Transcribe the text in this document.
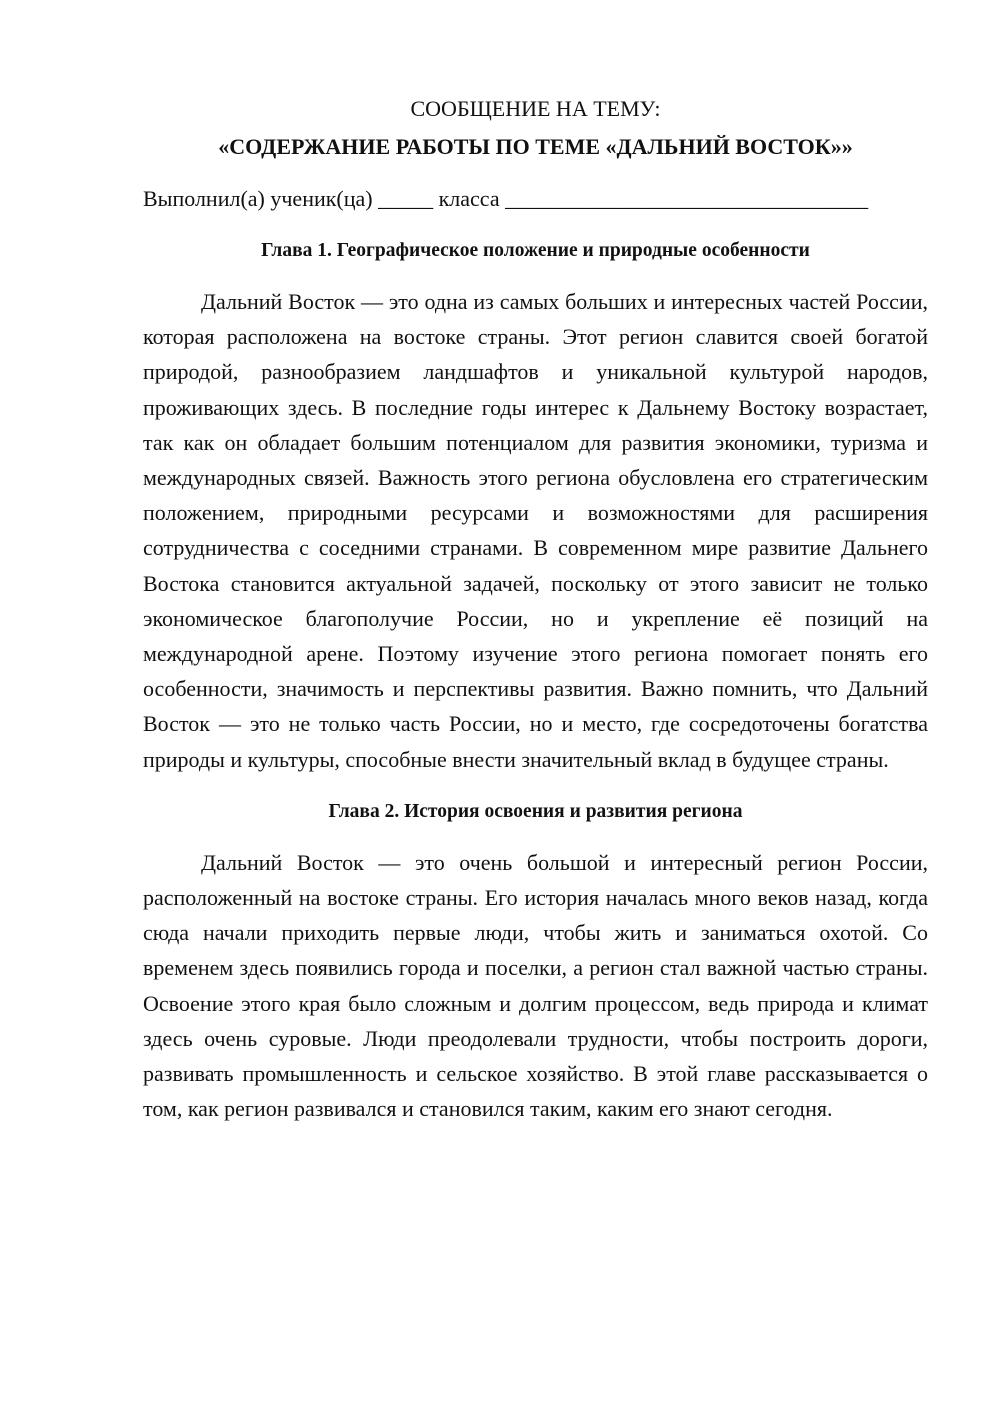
СООБЩЕНИЕ НА ТЕМУ:
«СОДЕРЖАНИЕ РАБОТЫ ПО ТЕМЕ «ДАЛЬНИЙ ВОСТОК»»

Выполнил(а) ученик(ца) _____ класса _________________________________

Глава 1. Географическое положение и природные особенности

Дальний Восток — это одна из самых больших и интересных частей России, которая расположена на востоке страны. Этот регион славится своей богатой природой, разнообразием ландшафтов и уникальной культурой народов, проживающих здесь. В последние годы интерес к Дальнему Востоку возрастает, так как он обладает большим потенциалом для развития экономики, туризма и международных связей. Важность этого региона обусловлена его стратегическим положением, природными ресурсами и возможностями для расширения сотрудничества с соседними странами. В современном мире развитие Дальнего Востока становится актуальной задачей, поскольку от этого зависит не только экономическое благополучие России, но и укрепление её позиций на международной арене. Поэтому изучение этого региона помогает понять его особенности, значимость и перспективы развития. Важно помнить, что Дальний Восток — это не только часть России, но и место, где сосредоточены богатства природы и культуры, способные внести значительный вклад в будущее страны.

Глава 2. История освоения и развития региона

Дальний Восток — это очень большой и интересный регион России, расположенный на востоке страны. Его история началась много веков назад, когда сюда начали приходить первые люди, чтобы жить и заниматься охотой. Со временем здесь появились города и поселки, а регион стал важной частью страны. Освоение этого края было сложным и долгим процессом, ведь природа и климат здесь очень суровые. Люди преодолевали трудности, чтобы построить дороги, развивать промышленность и сельское хозяйство. В этой главе рассказывается о том, как регион развивался и становился таким, каким его знают сегодня.
